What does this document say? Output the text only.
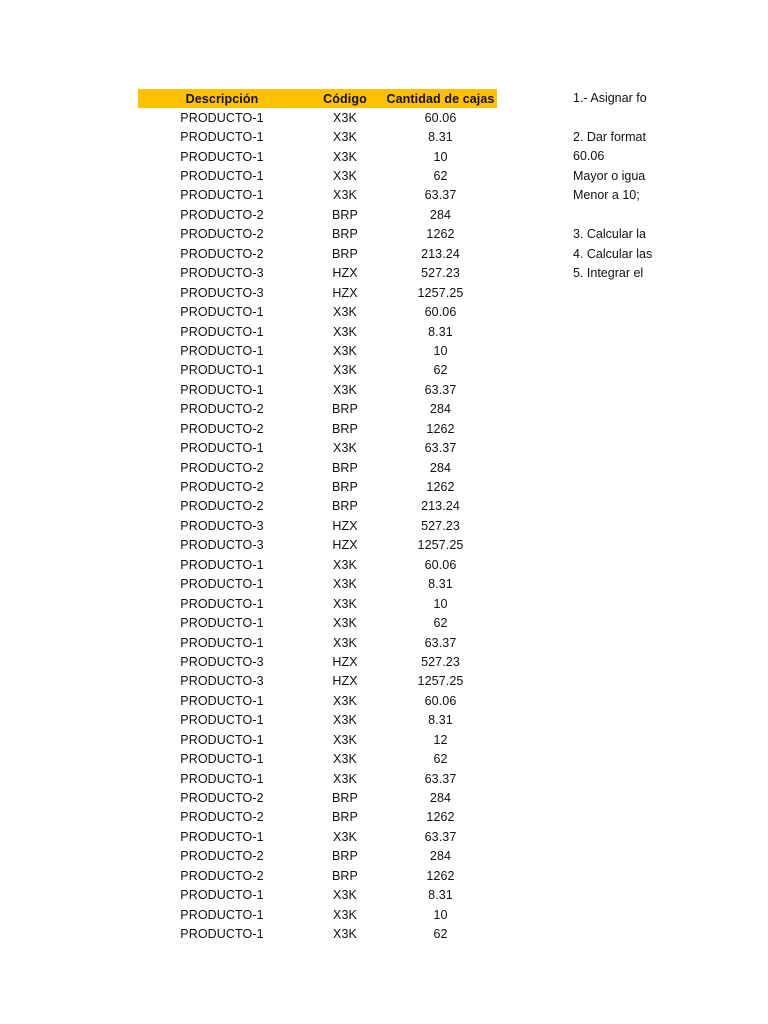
Descripción	Código	Cantidad de cajas
PRODUCTO-1	X3K	60.06
PRODUCTO-1	X3K	8.31
PRODUCTO-1	X3K	10
PRODUCTO-1	X3K	62
PRODUCTO-1	X3K	63.37
PRODUCTO-2	BRP	284
PRODUCTO-2	BRP	1262
PRODUCTO-2	BRP	213.24
PRODUCTO-3	HZX	527.23
PRODUCTO-3	HZX	1257.25
PRODUCTO-1	X3K	60.06
PRODUCTO-1	X3K	8.31
PRODUCTO-1	X3K	10
PRODUCTO-1	X3K	62
PRODUCTO-1	X3K	63.37
PRODUCTO-2	BRP	284
PRODUCTO-2	BRP	1262
PRODUCTO-1	X3K	63.37
PRODUCTO-2	BRP	284
PRODUCTO-2	BRP	1262
PRODUCTO-2	BRP	213.24
PRODUCTO-3	HZX	527.23
PRODUCTO-3	HZX	1257.25
PRODUCTO-1	X3K	60.06
PRODUCTO-1	X3K	8.31
PRODUCTO-1	X3K	10
PRODUCTO-1	X3K	62
PRODUCTO-1	X3K	63.37
PRODUCTO-3	HZX	527.23
PRODUCTO-3	HZX	1257.25
PRODUCTO-1	X3K	60.06
PRODUCTO-1	X3K	8.31
PRODUCTO-1	X3K	12
PRODUCTO-1	X3K	62
PRODUCTO-1	X3K	63.37
PRODUCTO-2	BRP	284
PRODUCTO-2	BRP	1262
PRODUCTO-1	X3K	63.37
PRODUCTO-2	BRP	284
PRODUCTO-2	BRP	1262
PRODUCTO-1	X3K	8.31
PRODUCTO-1	X3K	10
PRODUCTO-1	X3K	62
1.- Asignar fo
2. Dar format
60.06
Mayor o igua
Menor a 10;
3. Calcular la
4. Calcular las
5. Integrar el
